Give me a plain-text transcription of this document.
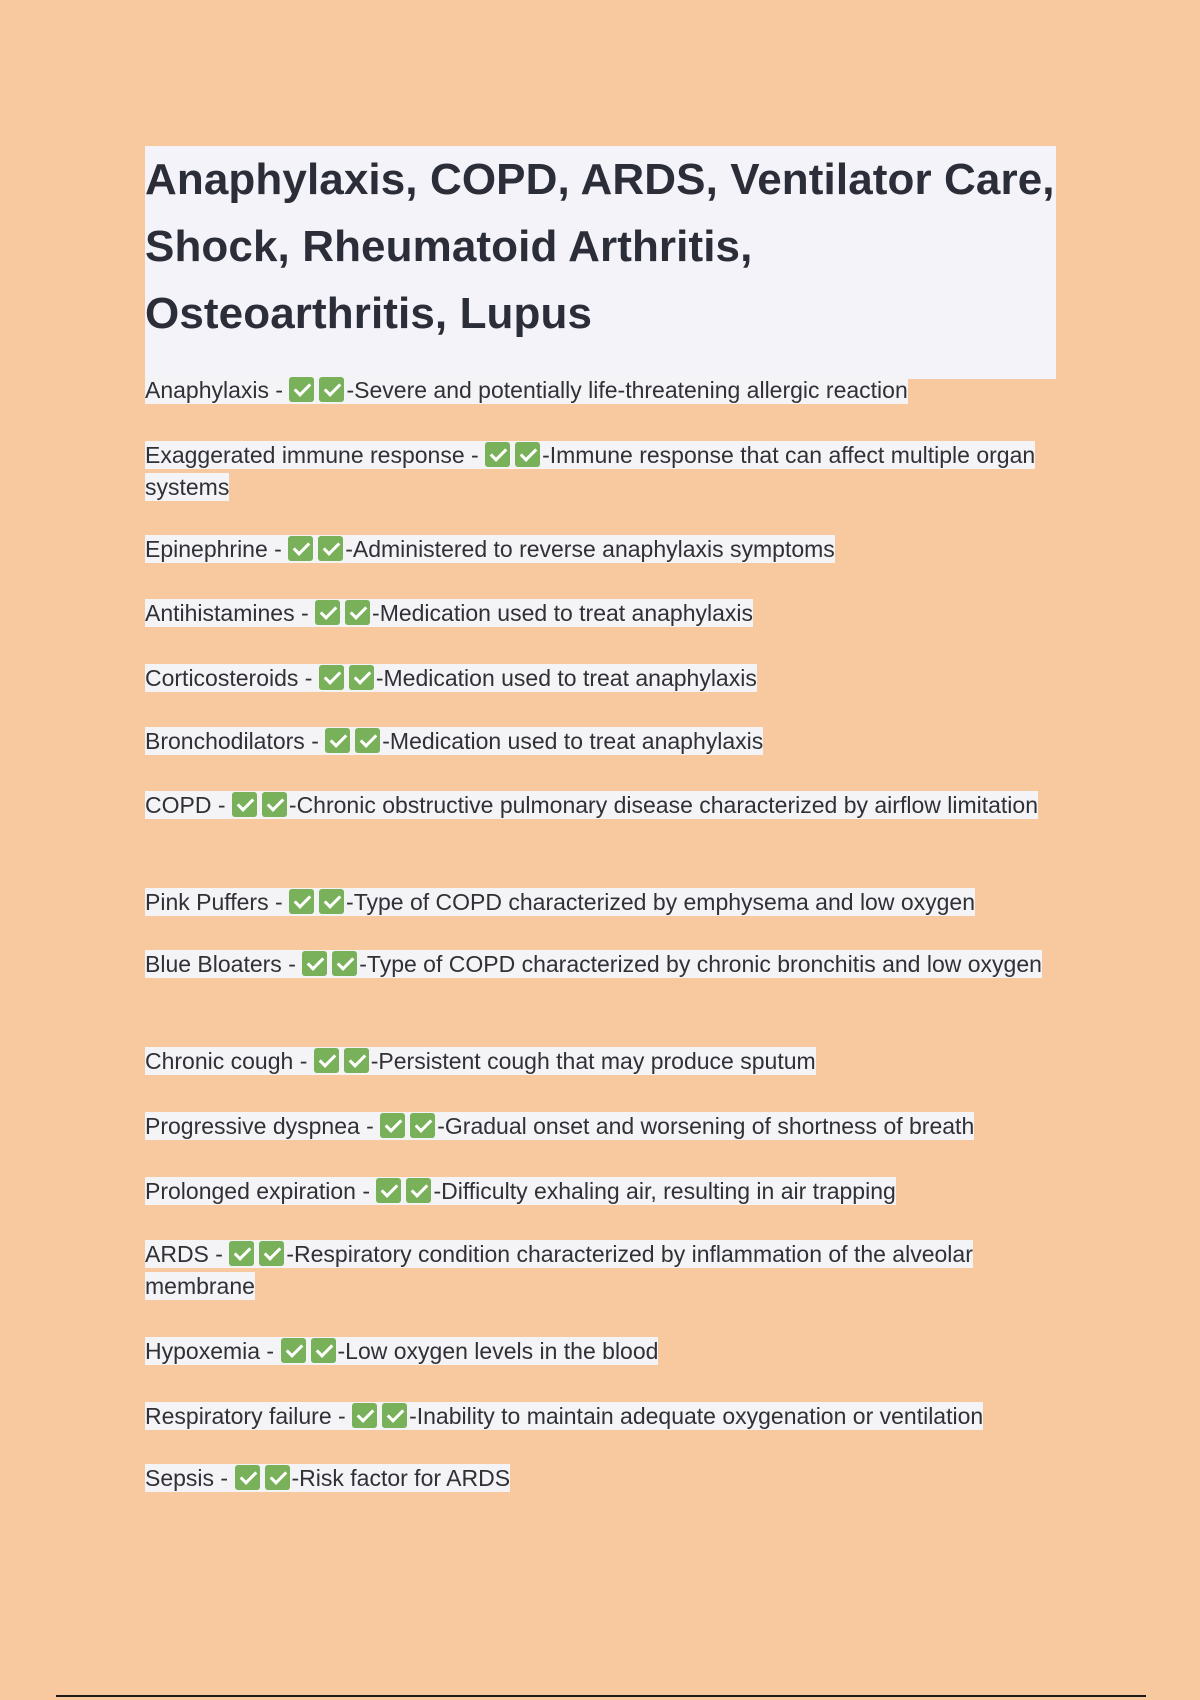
Anaphylaxis, COPD, ARDS, Ventilator Care, Shock, Rheumatoid Arthritis, Osteoarthritis, Lupus
Anaphylaxis - -Severe and potentially life-threatening allergic reaction
Exaggerated immune response - -Immune response that can affect multiple organ systems
Epinephrine - -Administered to reverse anaphylaxis symptoms
Antihistamines - -Medication used to treat anaphylaxis
Corticosteroids - -Medication used to treat anaphylaxis
Bronchodilators - -Medication used to treat anaphylaxis
COPD - -Chronic obstructive pulmonary disease characterized by airflow limitation
Pink Puffers - -Type of COPD characterized by emphysema and low oxygen
Blue Bloaters - -Type of COPD characterized by chronic bronchitis and low oxygen
Chronic cough - -Persistent cough that may produce sputum
Progressive dyspnea - -Gradual onset and worsening of shortness of breath
Prolonged expiration - -Difficulty exhaling air, resulting in air trapping
ARDS - -Respiratory condition characterized by inflammation of the alveolar membrane
Hypoxemia - -Low oxygen levels in the blood
Respiratory failure - -Inability to maintain adequate oxygenation or ventilation
Sepsis - -Risk factor for ARDS
